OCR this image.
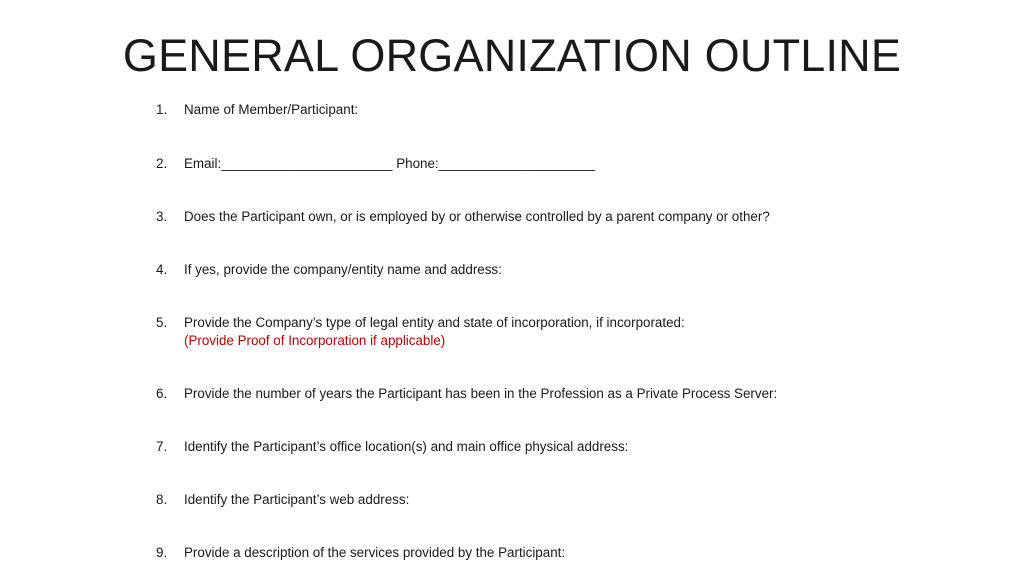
GENERAL ORGANIZATION OUTLINE
1.	Name of Member/Participant:
2.	Email:_______________________ Phone:_____________________
3.	Does the Participant own, or is employed by or otherwise controlled by a parent company or other?
4.	If yes, provide the company/entity name and address:
5.	Provide the Company’s type of legal entity and state of incorporation, if incorporated:
(Provide Proof of Incorporation if applicable)
6.	Provide the number of years the Participant has been in the Profession as a Private Process Server:
7.	Identify the Participant’s office location(s) and main office physical address:
8.	Identify the Participant’s web address:
9.	Provide a description of the services provided by the Participant:
